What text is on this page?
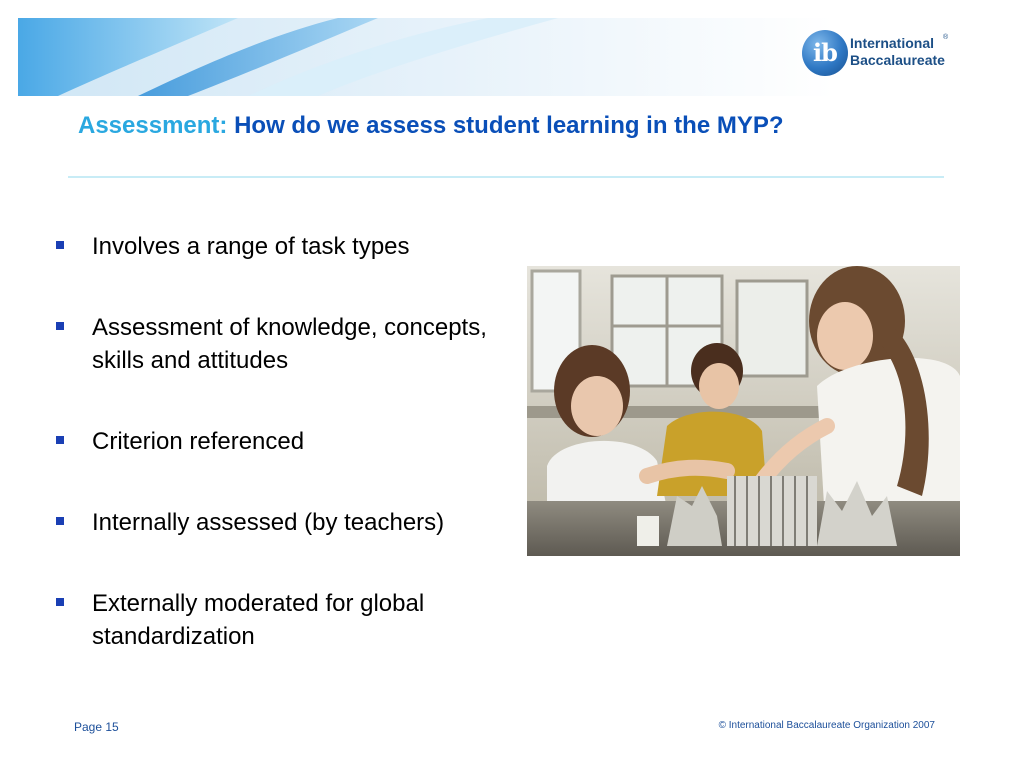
ib International
Baccalaureate
®
Assessment: How do we assess student learning in the MYP?
Involves a range of task types
Assessment of knowledge, concepts, skills and attitudes
Criterion referenced
Internally assessed (by teachers)
Externally moderated for global standardization
Page 15	© International Baccalaureate Organization 2007
